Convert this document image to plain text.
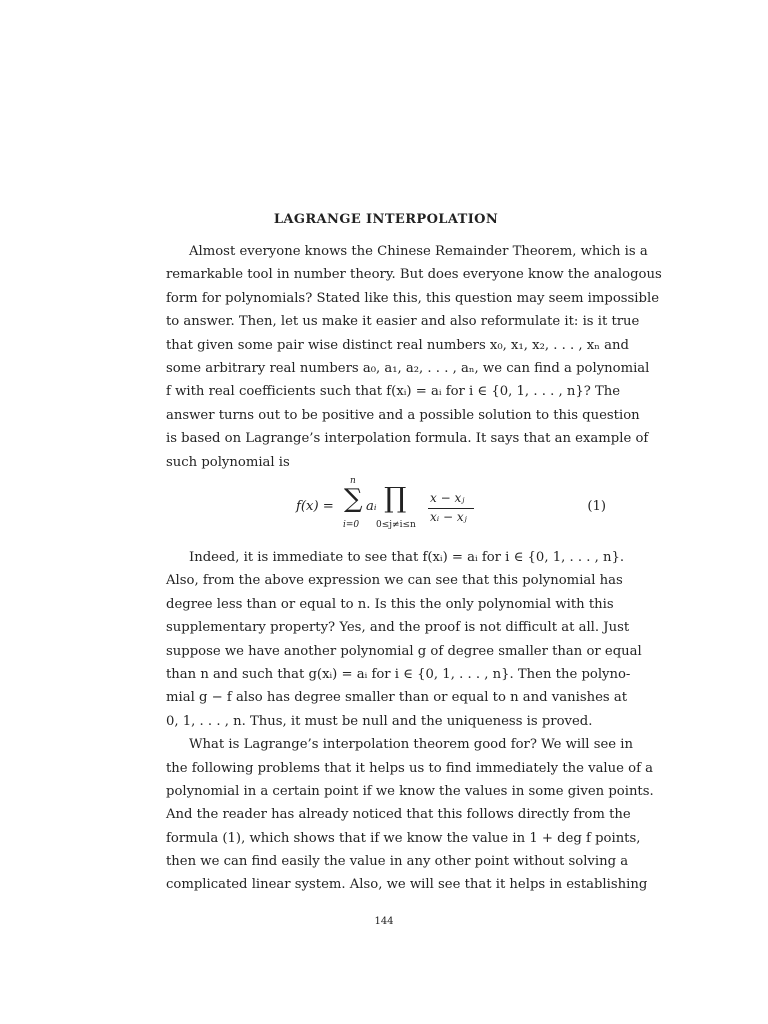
LAGRANGE INTERPOLATION
Almost everyone knows the Chinese Remainder Theorem, which is a
remarkable tool in number theory. But does everyone know the analogous
form for polynomials? Stated like this, this question may seem impossible
to answer. Then, let us make it easier and also reformulate it: is it true
that given some pair wise distinct real numbers x₀, x₁, x₂, . . . , xₙ and
some arbitrary real numbers a₀, a₁, a₂, . . . , aₙ, we can find a polynomial
f with real coefficients such that f(xᵢ) = aᵢ for i ∈ {0, 1, . . . , n}? The
answer turns out to be positive and a possible solution to this question
is based on Lagrange’s interpolation formula. It says that an example of
such polynomial is
f(x) =
n
∑
i=0
aᵢ ∏
0≤j≠i≤n
x − xⱼ
xᵢ − xⱼ
(1)
Indeed, it is immediate to see that f(xᵢ) = aᵢ for i ∈ {0, 1, . . . , n}.
Also, from the above expression we can see that this polynomial has
degree less than or equal to n. Is this the only polynomial with this
supplementary property? Yes, and the proof is not difficult at all. Just
suppose we have another polynomial g of degree smaller than or equal
than n and such that g(xᵢ) = aᵢ for i ∈ {0, 1, . . . , n}. Then the polyno-
mial g − f also has degree smaller than or equal to n and vanishes at
0, 1, . . . , n. Thus, it must be null and the uniqueness is proved.
What is Lagrange’s interpolation theorem good for? We will see in
the following problems that it helps us to find immediately the value of a
polynomial in a certain point if we know the values in some given points.
And the reader has already noticed that this follows directly from the
formula (1), which shows that if we know the value in 1 + deg f points,
then we can find easily the value in any other point without solving a
complicated linear system. Also, we will see that it helps in establishing
144
